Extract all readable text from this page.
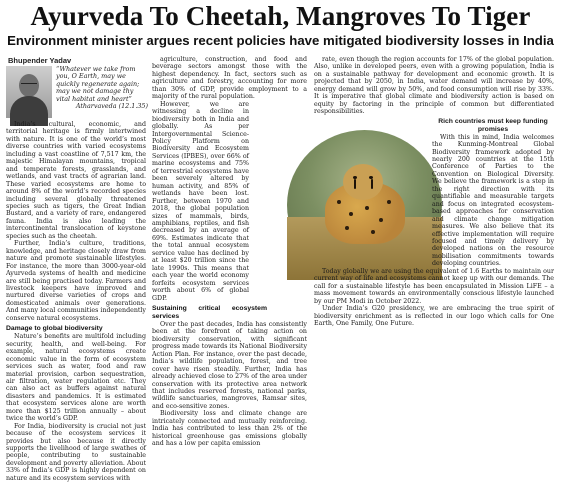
Ayurveda To Cheetah, Mangroves To Tiger
Environment minister argues recent policies have mitigated biodiversity losses in India
Bhupender Yadav
“Whatever we take from you, O Earth, may we quickly regenerate again; may we not damage thy vital habitat and heart”
Atharvaveda (12.1.35)

India’s cultural, economic, and territorial heritage is firmly intertwined with nature. It is one of the world’s most diverse countries with varied ecosystems including a vast coastline of 7,517 km, the majestic Himalayan mountains, tropical and temperate forests, grasslands, and wetlands, and vast tracts of agrarian land. These varied ecosystems are home to around 8% of the world’s recorded species including several globally threatened species such as tigers, the Great Indian Bustard, and a variety of rare, endangered fauna. India is also leading the intercontinental translocation of keystone species such as the cheetah.

Further, India’s culture, traditions, knowledge, and heritage closely draw from nature and promote sustainable lifestyles. For instance, the more than 3000-year-old Ayurveda systems of health and medicine are still being practised today. Farmers and livestock keepers have improved and nurtured diverse varieties of crops and domesticated animals over generations. And many local communities independently conserve natural ecosystems.

Damage to global biodiversity

Nature’s benefits are multifold including security, health, and well-being. For example, natural ecosystems create economic value in the form of ecosystem services such as water, food and raw material provision, carbon sequestration, air filtration, water regulation etc. They can also act as buffers against natural disasters and pandemics. It is estimated that ecosystem services alone are worth more than $125 trillion annually – about twice the world’s GDP.

For India, biodiversity is crucial not just because of the ecosystem services it provides but also because it directly supports the livelihood of large swathes of people, contributing to sustainable development and poverty alleviation. About 33% of India’s GDP is highly dependent on nature and its ecosystem services with

agriculture, construction, and food and beverage sectors amongst those with the highest dependency. In fact, sectors such as agriculture and forestry, accounting for more than 30% of GDP, provide employment to a majority of the rural population.

However, we are witnessing a decline in biodiversity both in India and globally. As per Intergovernmental Science-Policy Platform on Biodiversity and Ecosystem Services (IPBES), over 66% of marine ecosystems and 75% of terrestrial ecosystems have been severely altered by human activity, and 85% of wetlands have been lost. Further, between 1970 and 2018, the global population sizes of mammals, birds, amphibians, reptiles, and fish decreased by an average of 69%. Estimates indicate that the total annual ecosystem service value has declined by at least $20 trillion since the late 1990s. This means that each year the world economy forfeits ecosystem services worth about 6% of global GDP.

Sustaining critical ecosystem services

Over the past decades, India has consistently been at the forefront of taking action on biodiversity conservation, with significant progress made towards its National Biodiversity Action Plan. For instance, over the past decade, India’s wildlife population, forest, and tree cover have risen steadily. Further, India has already achieved close to 27% of the area under conservation with its protective area network that includes reserved forests, national parks, wildlife sanctuaries, mangroves, Ramsar sites, and eco-sensitive zones.

Biodiversity loss and climate change are intricately connected and mutually reinforcing. India has contributed to less than 2% of the historical greenhouse gas emissions globally and has a low per capita emission

rate, even though the region accounts for 17% of the global population. Also, unlike in developed peers, even with a growing population, India is on a sustainable pathway for development and economic growth. It is projected that by 2050, in India, water demand will increase by 40%, energy demand will grow by 50%, and food consumption will rise by 33%. It is imperative that global climate and biodiversity action is based on equity by factoring in the principle of common but differentiated responsibilities.

Rich countries must keep funding promises

With this in mind, India welcomes the Kunming-Montreal Global Biodiversity framework adopted by nearly 200 countries at the 15th Conference of Parties to the Convention on Biological Diversity. We believe the framework is a step in the right direction with its quantifiable and measurable targets and focus on integrated ecosystem-based approaches for conservation and climate change mitigation measures. We also believe that its effective implementation will require focused and timely delivery by developed nations on the resource mobilisation commitments towards developing countries.

Today globally we are using the equivalent of 1.6 Earths to maintain our current way of life and ecosystems cannot keep up with our demands. The call for a sustainable lifestyle has been encapsulated in Mission LiFE – a mass movement towards an environmentally conscious lifestyle launched by our PM Modi in October 2022.

Under India’s G20 presidency, we are embracing the true spirit of biodiversity enrichment as is reflected in our logo which calls for One Earth, One Family, One Future.
